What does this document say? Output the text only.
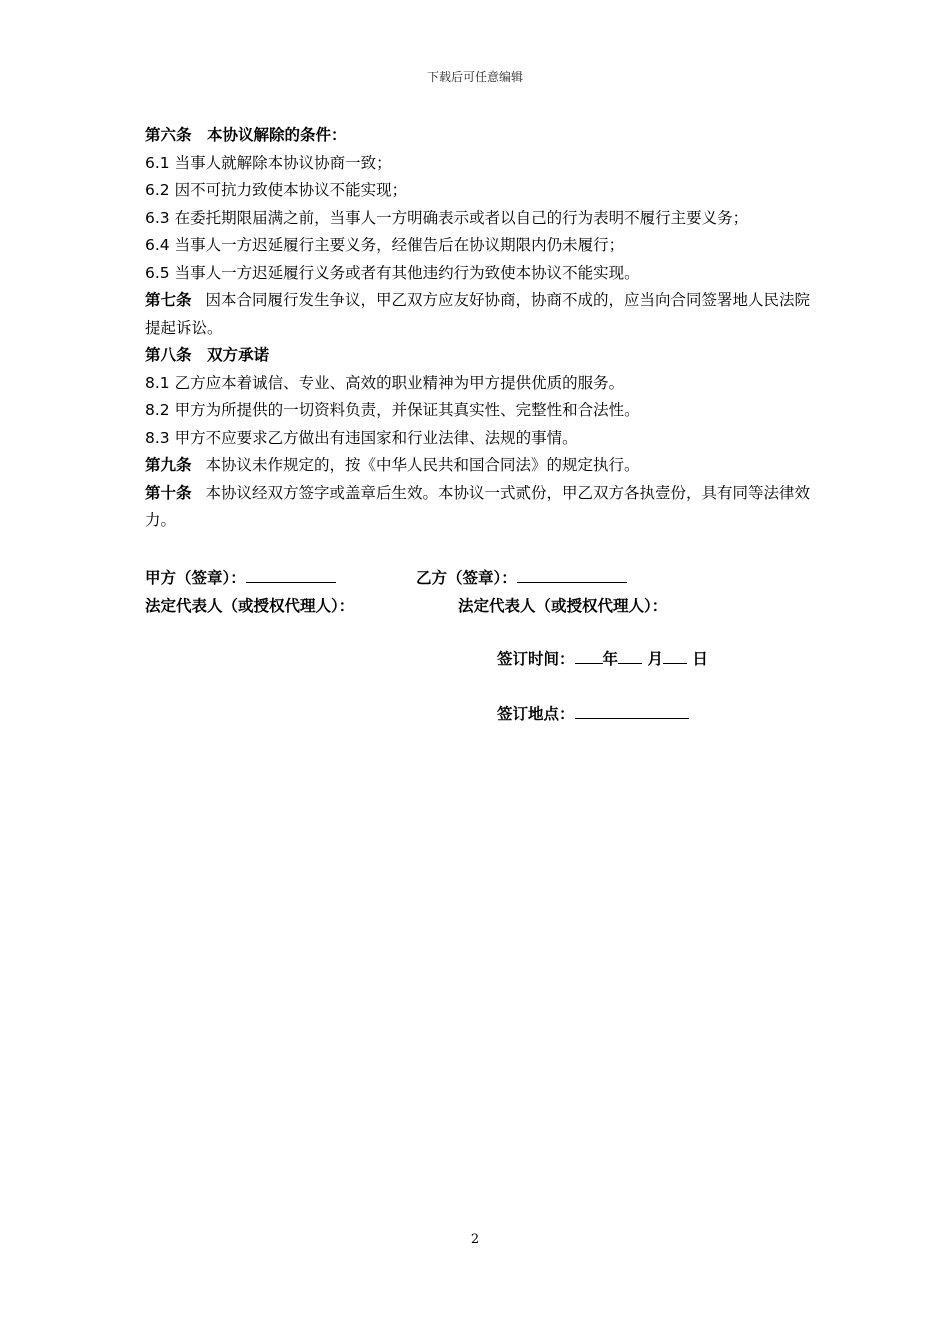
下载后可任意编辑
第六条　本协议解除的条件：
6.1 当事人就解除本协议协商一致；
6.2 因不可抗力致使本协议不能实现；
6.3 在委托期限届满之前，当事人一方明确表示或者以自己的行为表明不履行主要义务；
6.4 当事人一方迟延履行主要义务，经催告后在协议期限内仍未履行；
6.5 当事人一方迟延履行义务或者有其他违约行为致使本协议不能实现。
第七条 因本合同履行发生争议，甲乙双方应友好协商，协商不成的，应当向合同签署地人民法院提起诉讼。
第八条　双方承诺
8.1 乙方应本着诚信、专业、高效的职业精神为甲方提供优质的服务。
8.2 甲方为所提供的一切资料负责，并保证其真实性、完整性和合法性。
8.3 甲方不应要求乙方做出有违国家和行业法律、法规的事情。
第九条 本协议未作规定的，按《中华人民共和国合同法》的规定执行。
第十条 本协议经双方签字或盖章后生效。本协议一式贰份，甲乙双方各执壹份，具有同等法律效力。
甲方（签章）：	乙方（签章）：
法定代表人（或授权代理人）：	法定代表人（或授权代理人）：
签订时间： 年 月 日
签订地点：
2
